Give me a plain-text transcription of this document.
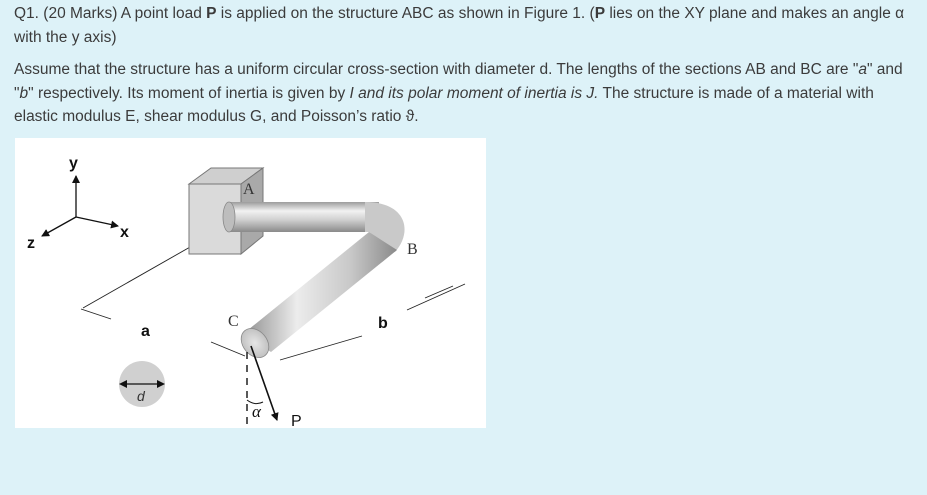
Q1. (20 Marks) A point load P is applied on the structure ABC as shown in Figure 1. (P lies on the XY plane and makes an angle α with the y axis)
Assume that the structure has a uniform circular cross-section with diameter d. The lengths of the sections AB and BC are "a" and "b" respectively. Its moment of inertia is given by I and its polar moment of inertia is J. The structure is made of a material with elastic modulus E, shear modulus G, and Poisson’s ratio ϑ.
y
x
z
a	b
A
B
C
α
P
d
